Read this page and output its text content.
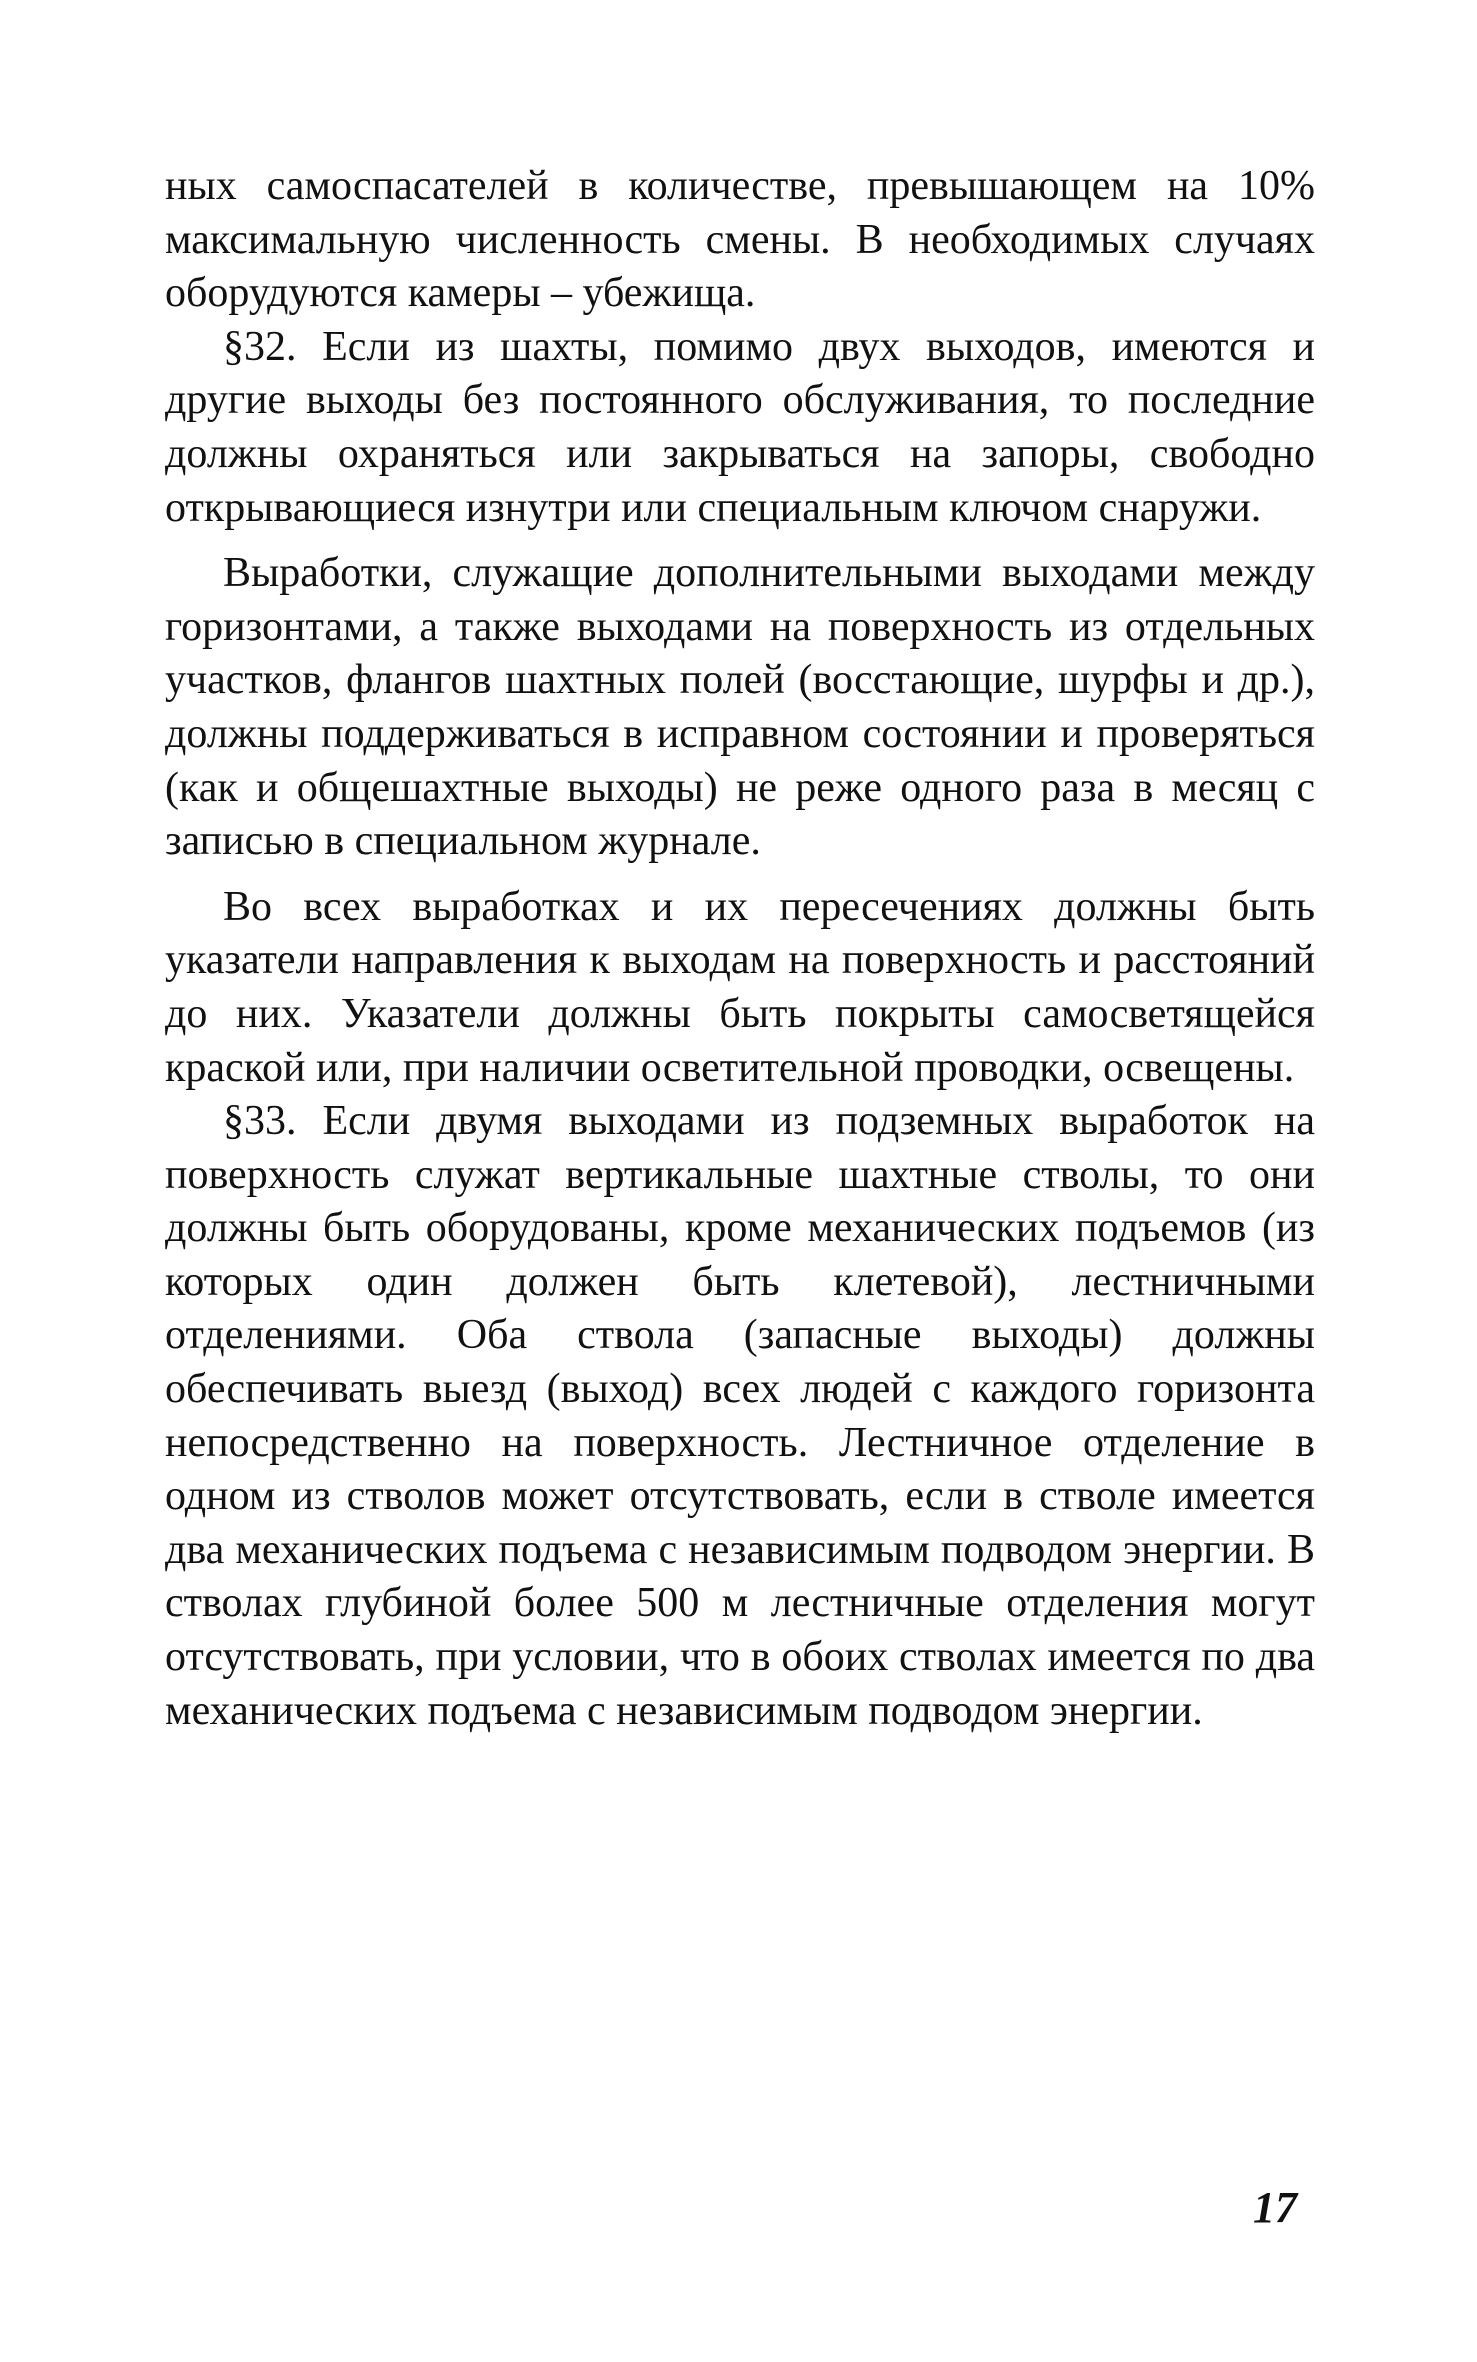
ных самоспасателей в количестве, превышающем на 10% максимальную численность смены. В необходимых случаях оборудуются камеры – убежища.

§32. Если из шахты, помимо двух выходов, имеются и другие выходы без постоянного обслуживания, то последние должны охраняться или закрываться на запоры, свободно открывающиеся изнутри или специальным ключом снаружи.

Выработки, служащие дополнительными выходами между горизонтами, а также выходами на поверхность из отдельных участков, флангов шахтных полей (восстающие, шурфы и др.), должны поддерживаться в исправном состоянии и проверяться (как и общешахтные выходы) не реже одного раза в месяц с записью в специальном журнале.

Во всех выработках и их пересечениях должны быть указатели направления к выходам на поверхность и расстояний до них. Указатели должны быть покрыты самосветящейся краской или, при наличии осветительной проводки, освещены.

§33. Если двумя выходами из подземных выработок на поверхность служат вертикальные шахтные стволы, то они должны быть оборудованы, кроме механических подъемов (из которых один должен быть клетевой), лестничными отделениями. Оба ствола (запасные выходы) должны обеспечивать выезд (выход) всех людей с каждого горизонта непосредственно на поверхность. Лестничное отделение в одном из стволов может отсутствовать, если в стволе имеется два механических подъема с независимым подводом энергии. В стволах глубиной более 500 м лестничные отделения могут отсутствовать, при условии, что в обоих стволах имеется по два механических подъема с независимым подводом энергии.

17
